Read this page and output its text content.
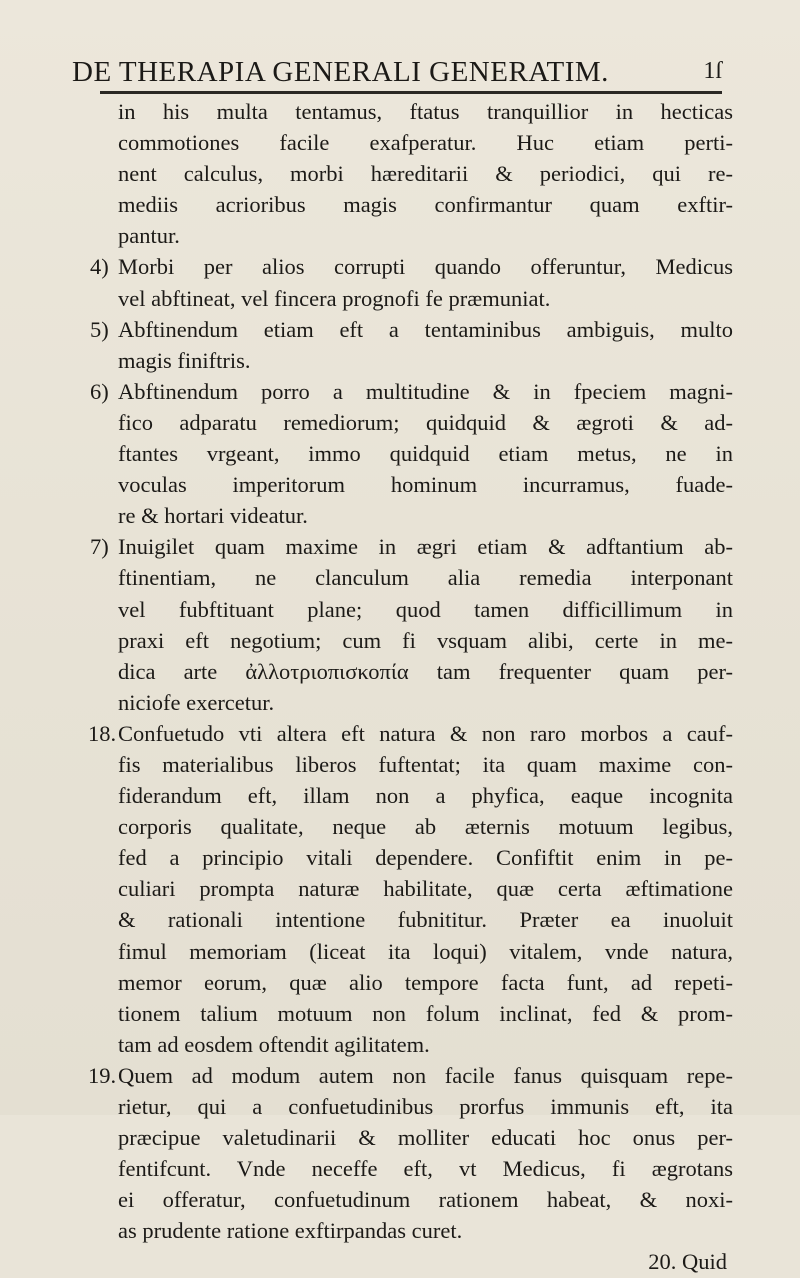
DE THERAPIA GENERALI GENERATIM.	1ſ

in his multa tentamus, ftatus tranquillior in hecticas

commotiones facile exafperatur. Huc etiam perti-

nent calculus, morbi hæreditarii & periodici, qui re-

mediis acrioribus magis confirmantur quam exftir-

pantur.

4) Morbi per alios corrupti quando offeruntur, Medicus

vel abftineat, vel fincera prognofi fe præmuniat.

5) Abftinendum etiam eft a tentaminibus ambiguis, multo

magis finiftris.

6) Abftinendum porro a multitudine & in fpeciem magni-

fico adparatu remediorum; quidquid & ægroti & ad-

ftantes vrgeant, immo quidquid etiam metus, ne in

voculas imperitorum hominum incurramus, fuade-

re & hortari videatur.

7) Inuigilet quam maxime in ægri etiam & adftantium ab-

ftinentiam, ne clanculum alia remedia interponant

vel fubftituant plane; quod tamen difficillimum in

praxi eft negotium; cum fi vsquam alibi, certe in me-

dica arte ἀλλοτριοπισκοπία tam frequenter quam per-

niciofe exercetur.

18.Confuetudo vti altera eft natura & non raro morbos a cauf-

fis materialibus liberos fuftentat; ita quam maxime con-

fiderandum eft, illam non a phyfica, eaque incognita

corporis qualitate, neque ab æternis motuum legibus,

fed a principio vitali dependere. Confiftit enim in pe-

culiari prompta naturæ habilitate, quæ certa æftimatione

& rationali intentione fubnititur. Præter ea inuoluit

fimul memoriam (liceat ita loqui) vitalem, vnde natura,

memor eorum, quæ alio tempore facta funt, ad repeti-

tionem talium motuum non folum inclinat, fed & prom-

tam ad eosdem oftendit agilitatem.

19.Quem ad modum autem non facile fanus quisquam repe-

rietur, qui a confuetudinibus prorfus immunis eft, ita

præcipue valetudinarii & molliter educati hoc onus per-

fentifcunt. Vnde neceffe eft, vt Medicus, fi ægrotans

ei offeratur, confuetudinum rationem habeat, & noxi-

as prudente ratione exftirpandas curet.

20. Quid
